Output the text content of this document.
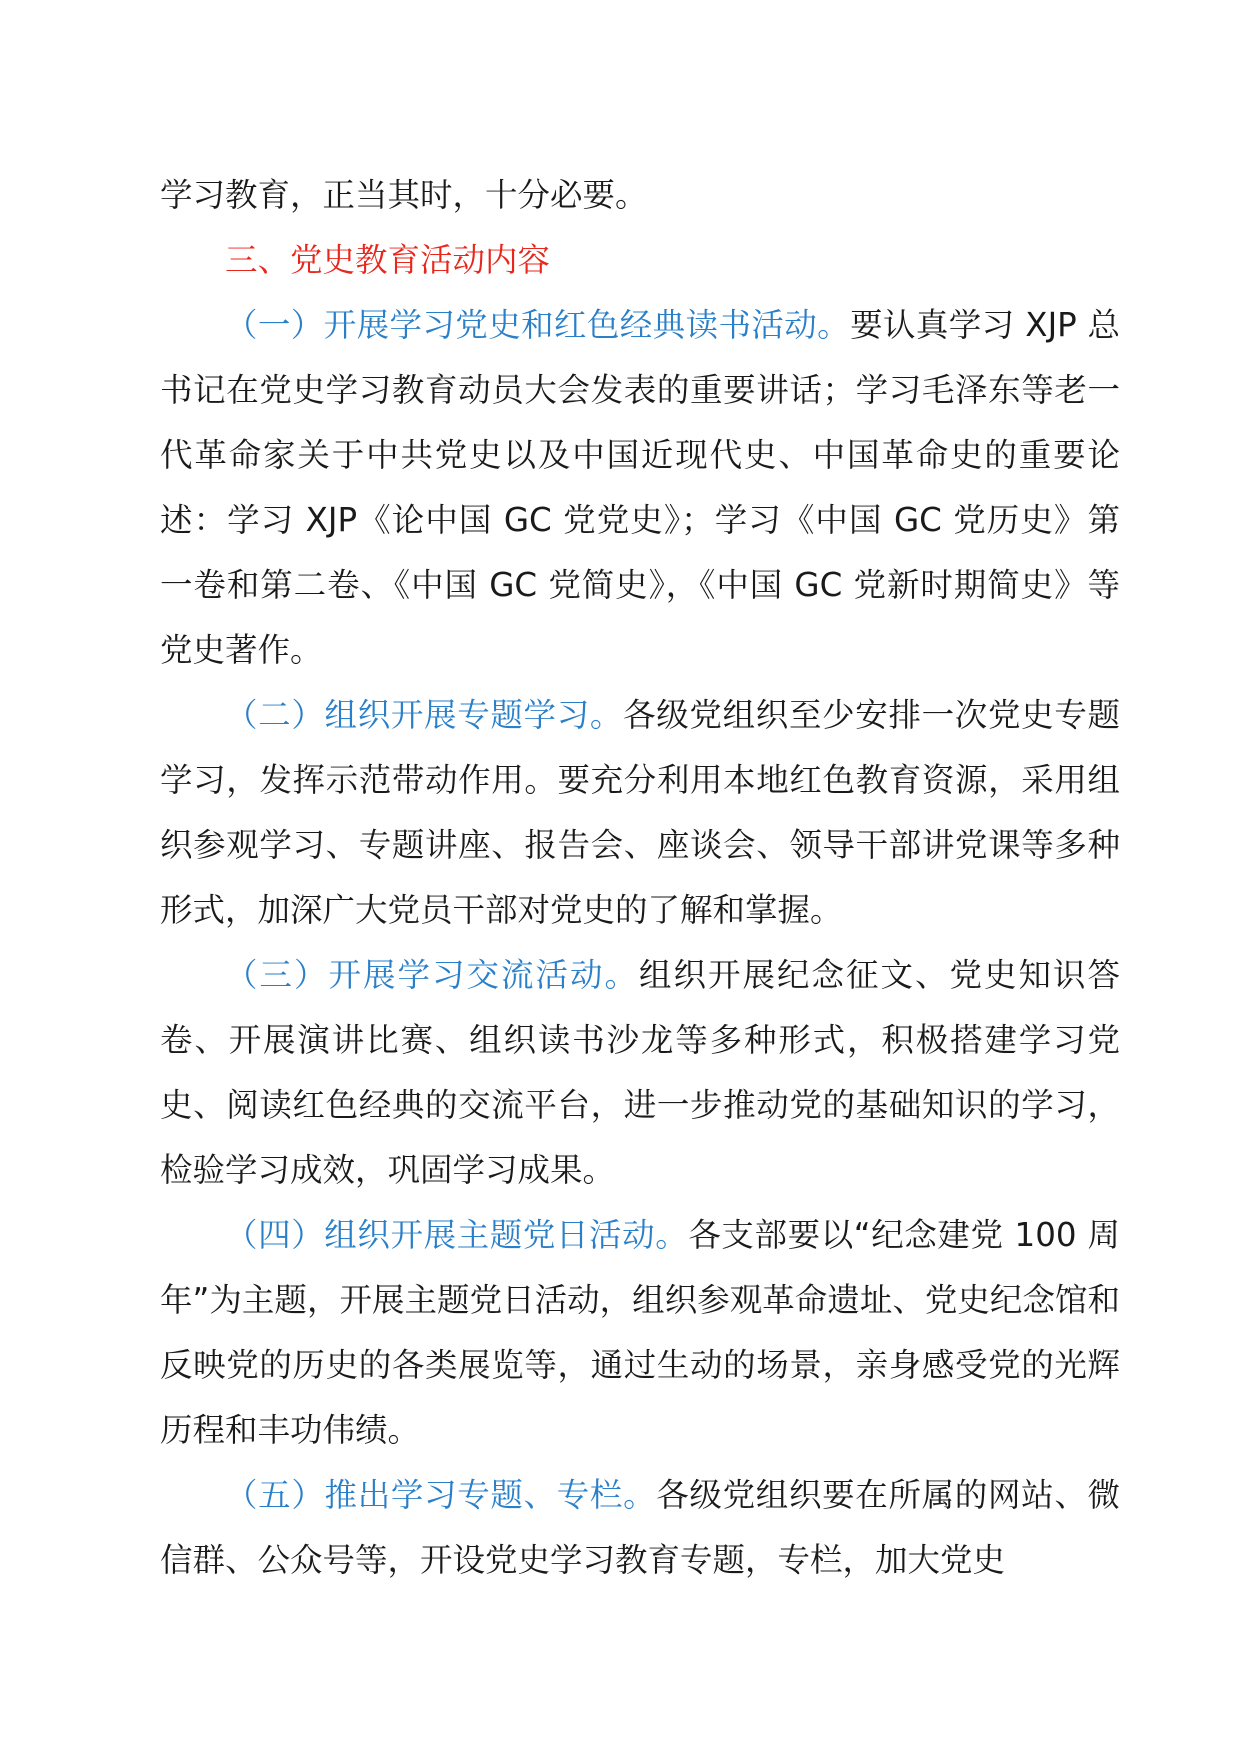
学习教育，正当其时，十分必要。

三、党史教育活动内容

（一）开展学习党史和红色经典读书活动。要认真学习 XJP 总书记在党史学习教育动员大会发表的重要讲话；学习毛泽东等老一代革命家关于中共党史以及中国近现代史、中国革命史的重要论述：学习 XJP《论中国 GC 党党史》；学习《中国 GC 党历史》第一卷和第二卷、《中国 GC 党简史》，《中国 GC 党新时期简史》等党史著作。

（二）组织开展专题学习。各级党组织至少安排一次党史专题学习，发挥示范带动作用。要充分利用本地红色教育资源，采用组织参观学习、专题讲座、报告会、座谈会、领导干部讲党课等多种形式，加深广大党员干部对党史的了解和掌握。

（三）开展学习交流活动。组织开展纪念征文、党史知识答卷、开展演讲比赛、组织读书沙龙等多种形式，积极搭建学习党史、阅读红色经典的交流平台，进一步推动党的基础知识的学习，检验学习成效，巩固学习成果。

（四）组织开展主题党日活动。各支部要以“纪念建党 100 周年”为主题，开展主题党日活动，组织参观革命遗址、党史纪念馆和反映党的历史的各类展览等，通过生动的场景，亲身感受党的光辉历程和丰功伟绩。

（五）推出学习专题、专栏。各级党组织要在所属的网站、微信群、公众号等，开设党史学习教育专题，专栏，加大党史
